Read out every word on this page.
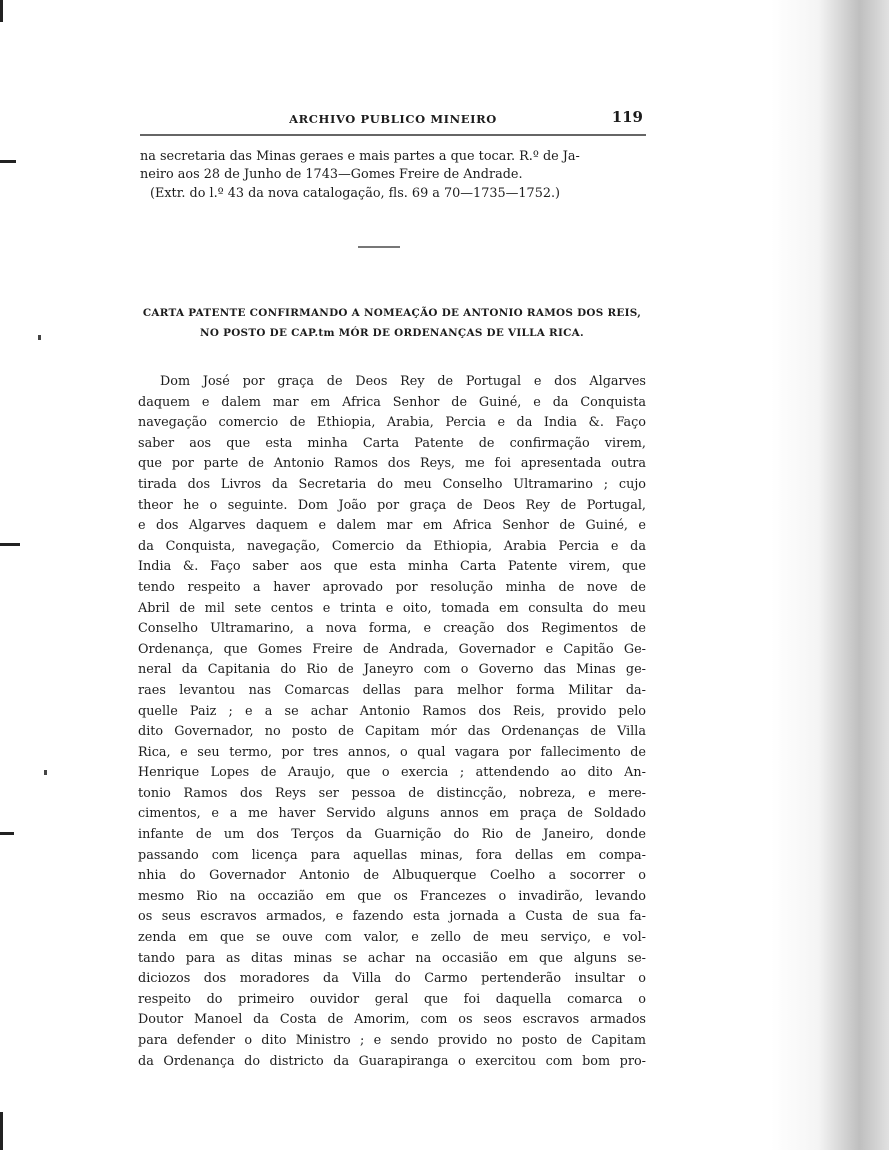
ARCHIVO PUBLICO MINEIRO	119

na secretaria das Minas geraes e mais partes a que tocar. R.º de Ja-

neiro aos 28 de Junho de 1743—Gomes Freire de Andrade.

(Extr. do l.º 43 da nova catalogação, fls. 69 a 70—1735—1752.)

CARTA PATENTE CONFIRMANDO A NOMEAÇÃO DE ANTONIO RAMOS DOS REIS,
NO POSTO DE CAP.tm MÓR DE ORDENANÇAS DE VILLA RICA.
Dom José por graça de Deos Rey de Portugal e dos Algarves
daquem e dalem mar em Africa Senhor de Guiné, e da Conquista
navegação comercio de Ethiopia, Arabia, Percia e da India &. Faço
saber aos que esta minha Carta Patente de confirmação virem,
que por parte de Antonio Ramos dos Reys, me foi apresentada outra
tirada dos Livros da Secretaria do meu Conselho Ultramarino ; cujo
theor he o seguinte. Dom João por graça de Deos Rey de Portugal,
e dos Algarves daquem e dalem mar em Africa Senhor de Guiné, e
da Conquista, navegação, Comercio da Ethiopia, Arabia Percia e da
India &. Faço saber aos que esta minha Carta Patente virem, que
tendo respeito a haver aprovado por resolução minha de nove de
Abril de mil sete centos e trinta e oito, tomada em consulta do meu
Conselho Ultramarino, a nova forma, e creação dos Regimentos de
Ordenança, que Gomes Freire de Andrada, Governador e Capitão Ge-
neral da Capitania do Rio de Janeyro com o Governo das Minas ge-
raes levantou nas Comarcas dellas para melhor forma Militar da-
quelle Paiz ; e a se achar Antonio Ramos dos Reis, provido pelo
dito Governador, no posto de Capitam mór das Ordenanças de Villa
Rica, e seu termo, por tres annos, o qual vagara por fallecimento de
Henrique Lopes de Araujo, que o exercia ; attendendo ao dito An-
tonio Ramos dos Reys ser pessoa de distincção, nobreza, e mere-
cimentos, e a me haver Servido alguns annos em praça de Soldado
infante de um dos Terços da Guarnição do Rio de Janeiro, donde
passando com licença para aquellas minas, fora dellas em compa-
nhia do Governador Antonio de Albuquerque Coelho a socorrer o
mesmo Rio na occazião em que os Francezes o invadirão, levando
os seus escravos armados, e fazendo esta jornada a Custa de sua fa-
zenda em que se ouve com valor, e zello de meu serviço, e vol-
tando para as ditas minas se achar na occasião em que alguns se-
diciozos dos moradores da Villa do Carmo pertenderão insultar o
respeito do primeiro ouvidor geral que foi daquella comarca o
Doutor Manoel da Costa de Amorim, com os seos escravos armados
para defender o dito Ministro ; e sendo provido no posto de Capitam
da Ordenança do districto da Guarapiranga o exercitou com bom pro-
